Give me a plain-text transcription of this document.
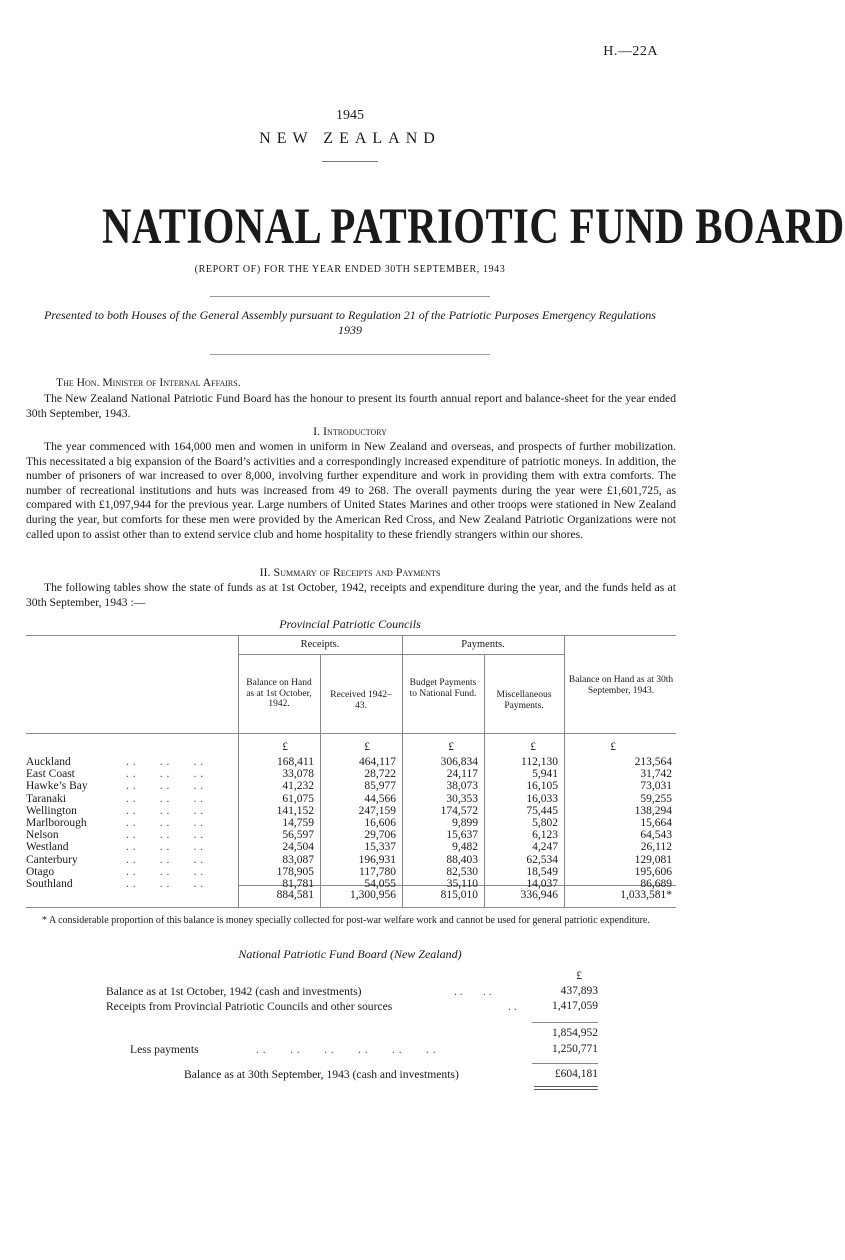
H.—22A
1945
NEW ZEALAND
NATIONAL PATRIOTIC FUND BOARD
(REPORT OF) FOR THE YEAR ENDED 30TH SEPTEMBER, 1943
Presented to both Houses of the General Assembly pursuant to Regulation 21 of the Patriotic Purposes Emergency Regulations 1939
The Hon. Minister of Internal Affairs.
The New Zealand National Patriotic Fund Board has the honour to present its fourth annual report and balance-sheet for the year ended 30th September, 1943.
I. Introductory
The year commenced with 164,000 men and women in uniform in New Zealand and overseas, and prospects of further mobilization. This necessitated a big expansion of the Board’s activities and a correspondingly increased expenditure of patriotic moneys. In addition, the number of prisoners of war increased to over 8,000, involving further expenditure and work in providing them with extra comforts. The number of recreational institutions and huts was increased from 49 to 268. The overall payments during the year were £1,601,725, as compared with £1,097,944 for the previous year. Large numbers of United States Marines and other troops were stationed in New Zealand during the year, but comforts for these men were provided by the American Red Cross, and New Zealand Patriotic Organizations were not called upon to assist other than to extend service club and home hospitality to these friendly strangers within our shores.
II. Summary of Receipts and Payments
The following tables show the state of funds as at 1st October, 1942, receipts and expenditure during the year, and the funds held as at 30th September, 1943 :—
Provincial Patriotic Councils
Receipts.	Payments.
Balance on Hand as at 1st October, 1942.
Received 1942–43.
Budget Payments to National Fund.	Miscellaneous Payments.
Balance on Hand as at 30th September, 1943.
£	£	£	£	£
Auckland	. .       . .       . .	168,411	464,117	306,834	112,130	213,564
East Coast	. .       . .       . .	33,078	28,722	24,117	5,941	31,742
Hawke’s Bay	. .       . .       . .	41,232	85,977	38,073	16,105	73,031
Taranaki	. .       . .       . .	61,075	44,566	30,353	16,033	59,255
Wellington	. .       . .       . .	141,152	247,159	174,572	75,445	138,294
Marlborough	. .       . .       . .	14,759	16,606	9,899	5,802	15,664
Nelson	. .       . .       . .	56,597	29,706	15,637	6,123	64,543
Westland	. .       . .       . .	24,504	15,337	9,482	4,247	26,112
Canterbury	. .       . .       . .	83,087	196,931	88,403	62,534	129,081
Otago	. .       . .       . .	178,905	117,780	82,530	18,549	195,606
Southland	. .       . .       . .	81,781	54,055	35,110	14,037	86,689
884,581	1,300,956	815,010	336,946	1,033,581*
* A considerable proportion of this balance is money specially collected for post-war welfare work and cannot be used for general patriotic expenditure.
National Patriotic Fund Board (New Zealand)
£
Balance as at 1st October, 1942 (cash and investments)	. .       . .	437,893
Receipts from Provincial Patriotic Councils and other sources	. .	1,417,059
1,854,952
Less payments	. .       . .       . .       . .       . .       . .	1,250,771
Balance as at 30th September, 1943 (cash and investments)	£604,181
